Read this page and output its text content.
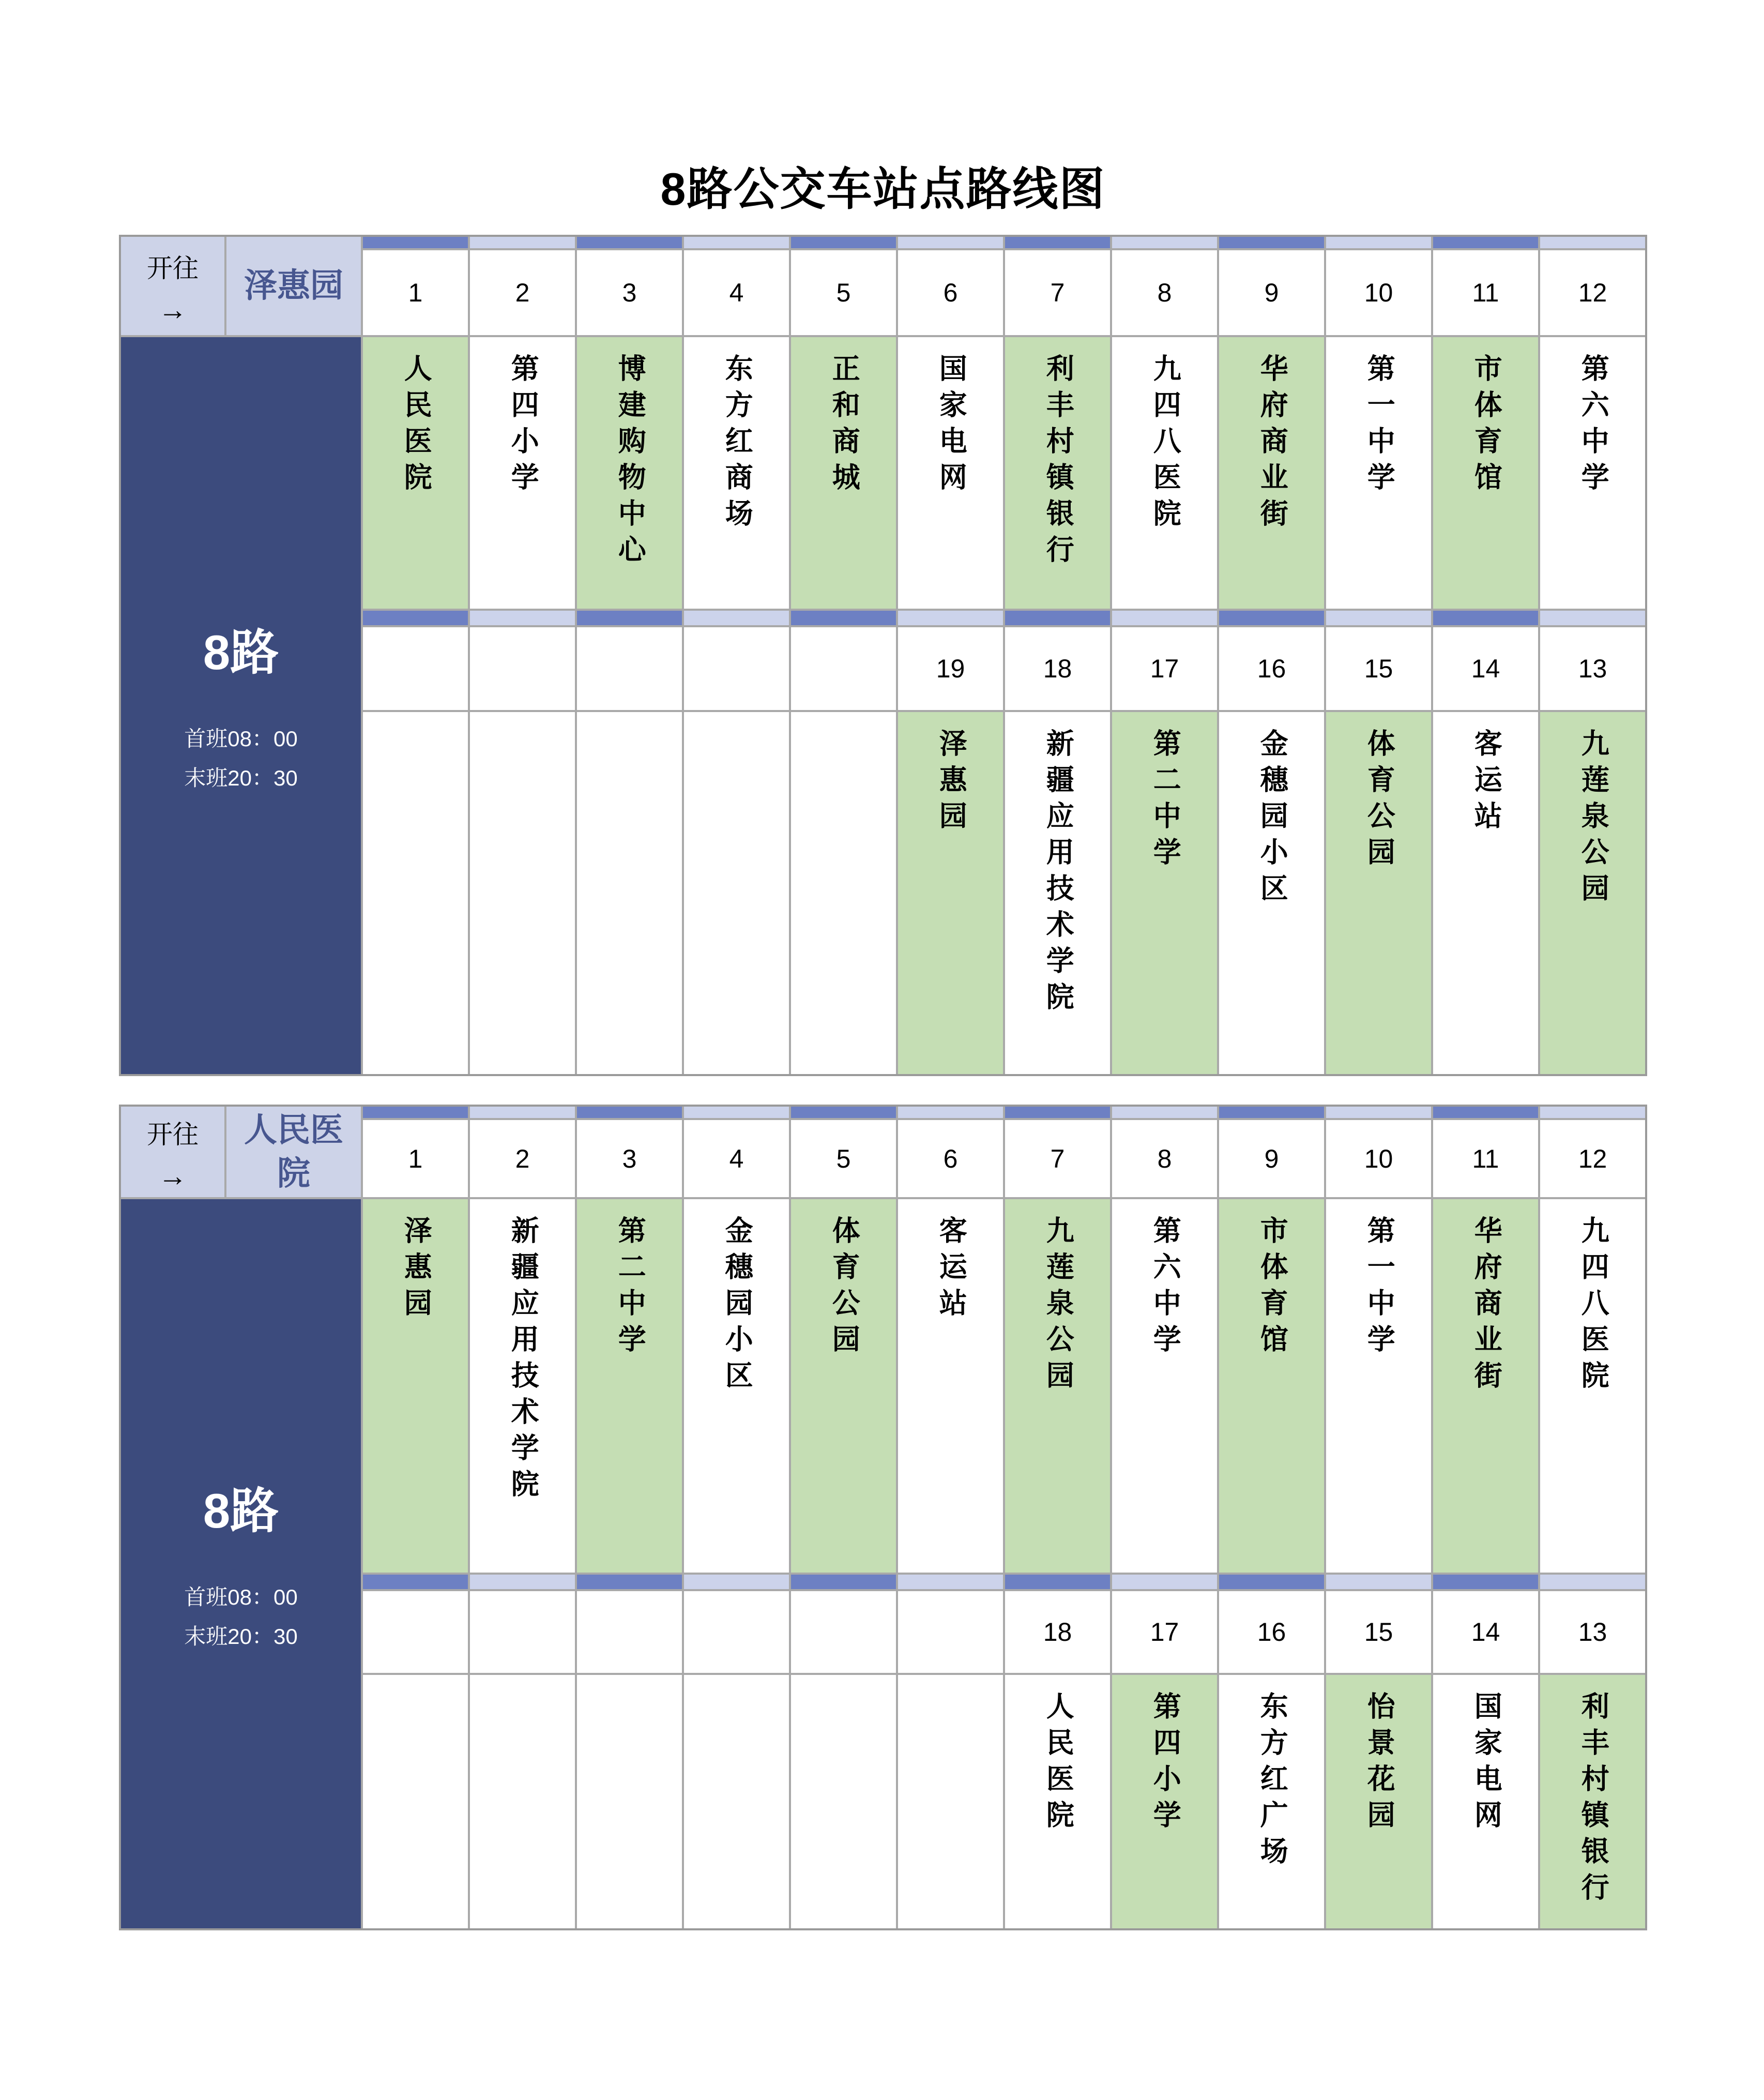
8路公交车站点路线图
开往
→
泽惠园
8路
首班08：00
末班20：30
1
人民医院
2
第四小学
3
博建购物中心
4
东方红商场
5
正和商城
6
国家电网
19
泽惠园
7
利丰村镇银行
18
新疆应用技术学院
8
九四八医院
17
第二中学
9
华府商业街
16
金穗园小区
10
第一中学
15
体育公园
11
市体育馆
14
客运站
12
第六中学
13
九莲泉公园
开往
→
人民医院
8路
首班08：00
末班20：30
1
泽惠园
2
新疆应用技术学院
3
第二中学
4
金穗园小区
5
体育公园
6
客运站
7
九莲泉公园
18
人民医院
8
第六中学
17
第四小学
9
市体育馆
16
东方红广场
10
第一中学
15
怡景花园
11
华府商业街
14
国家电网
12
九四八医院
13
利丰村镇银行
